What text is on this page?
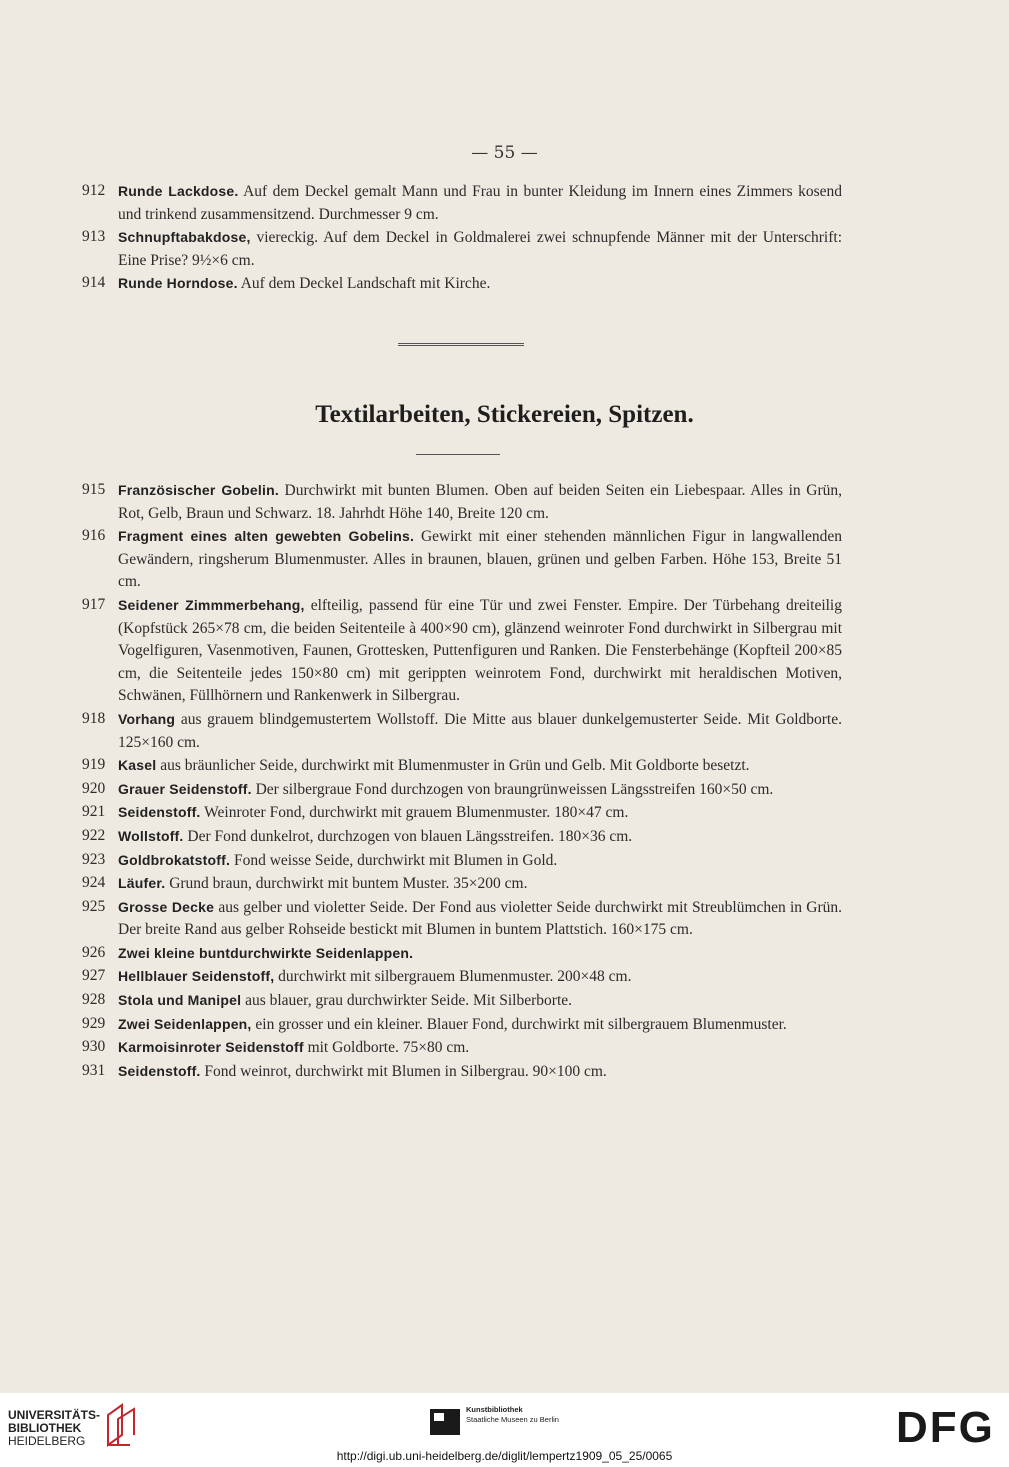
— 55 —
912 Runde Lackdose. Auf dem Deckel gemalt Mann und Frau in bunter Kleidung im Innern eines Zimmers kosend und trinkend zusammensitzend. Durchmesser 9 cm.
913 Schnupftabakdose, viereckig. Auf dem Deckel in Goldmalerei zwei schnupfende Männer mit der Unterschrift: Eine Prise? 9½×6 cm.
914 Runde Horndose. Auf dem Deckel Landschaft mit Kirche.
Textilarbeiten, Stickereien, Spitzen.
915 Französischer Gobelin. Durchwirkt mit bunten Blumen. Oben auf beiden Seiten ein Liebespaar. Alles in Grün, Rot, Gelb, Braun und Schwarz. 18. Jahrhdt Höhe 140, Breite 120 cm.
916 Fragment eines alten gewebten Gobelins. Gewirkt mit einer stehenden männlichen Figur in langwallenden Gewändern, ringsherum Blumenmuster. Alles in braunen, blauen, grünen und gelben Farben. Höhe 153, Breite 51 cm.
917 Seidener Zimmmerbehang, elfteilig, passend für eine Tür und zwei Fenster. Empire. Der Türbehang dreiteilig (Kopfstück 265×78 cm, die beiden Seitenteile à 400×90 cm), glänzend weinroter Fond durchwirkt in Silbergrau mit Vogelfiguren, Vasenmotiven, Faunen, Grottesken, Puttenfiguren und Ranken. Die Fensterbehänge (Kopfteil 200×85 cm, die Seitenteile jedes 150×80 cm) mit gerippten weinrotem Fond, durchwirkt mit heraldischen Motiven, Schwänen, Füllhörnern und Rankenwerk in Silbergrau.
918 Vorhang aus grauem blindgemustertem Wollstoff. Die Mitte aus blauer dunkelgemusterter Seide. Mit Goldborte. 125×160 cm.
919 Kasel aus bräunlicher Seide, durchwirkt mit Blumenmuster in Grün und Gelb. Mit Goldborte besetzt.
920 Grauer Seidenstoff. Der silbergraue Fond durchzogen von braungrünweissen Längsstreifen 160×50 cm.
921 Seidenstoff. Weinroter Fond, durchwirkt mit grauem Blumenmuster. 180×47 cm.
922 Wollstoff. Der Fond dunkelrot, durchzogen von blauen Längsstreifen. 180×36 cm.
923 Goldbrokatstoff. Fond weisse Seide, durchwirkt mit Blumen in Gold.
924 Läufer. Grund braun, durchwirkt mit buntem Muster. 35×200 cm.
925 Grosse Decke aus gelber und violetter Seide. Der Fond aus violetter Seide durchwirkt mit Streublümchen in Grün. Der breite Rand aus gelber Rohseide bestickt mit Blumen in buntem Plattstich. 160×175 cm.
926 Zwei kleine buntdurchwirkte Seidenlappen.
927 Hellblauer Seidenstoff, durchwirkt mit silbergrauem Blumenmuster. 200×48 cm.
928 Stola und Manipel aus blauer, grau durchwirkter Seide. Mit Silberborte.
929 Zwei Seidenlappen, ein grosser und ein kleiner. Blauer Fond, durchwirkt mit silbergrauem Blumenmuster.
930 Karmoisinroter Seidenstoff mit Goldborte. 75×80 cm.
931 Seidenstoff. Fond weinrot, durchwirkt mit Blumen in Silbergrau. 90×100 cm.
UNIVERSITÄTS-
BIBLIOTHEK
HEIDELBERG
Kunstbibliothek
Staatliche Museen zu Berlin	DFG
http://digi.ub.uni-heidelberg.de/diglit/lempertz1909_05_25/0065
